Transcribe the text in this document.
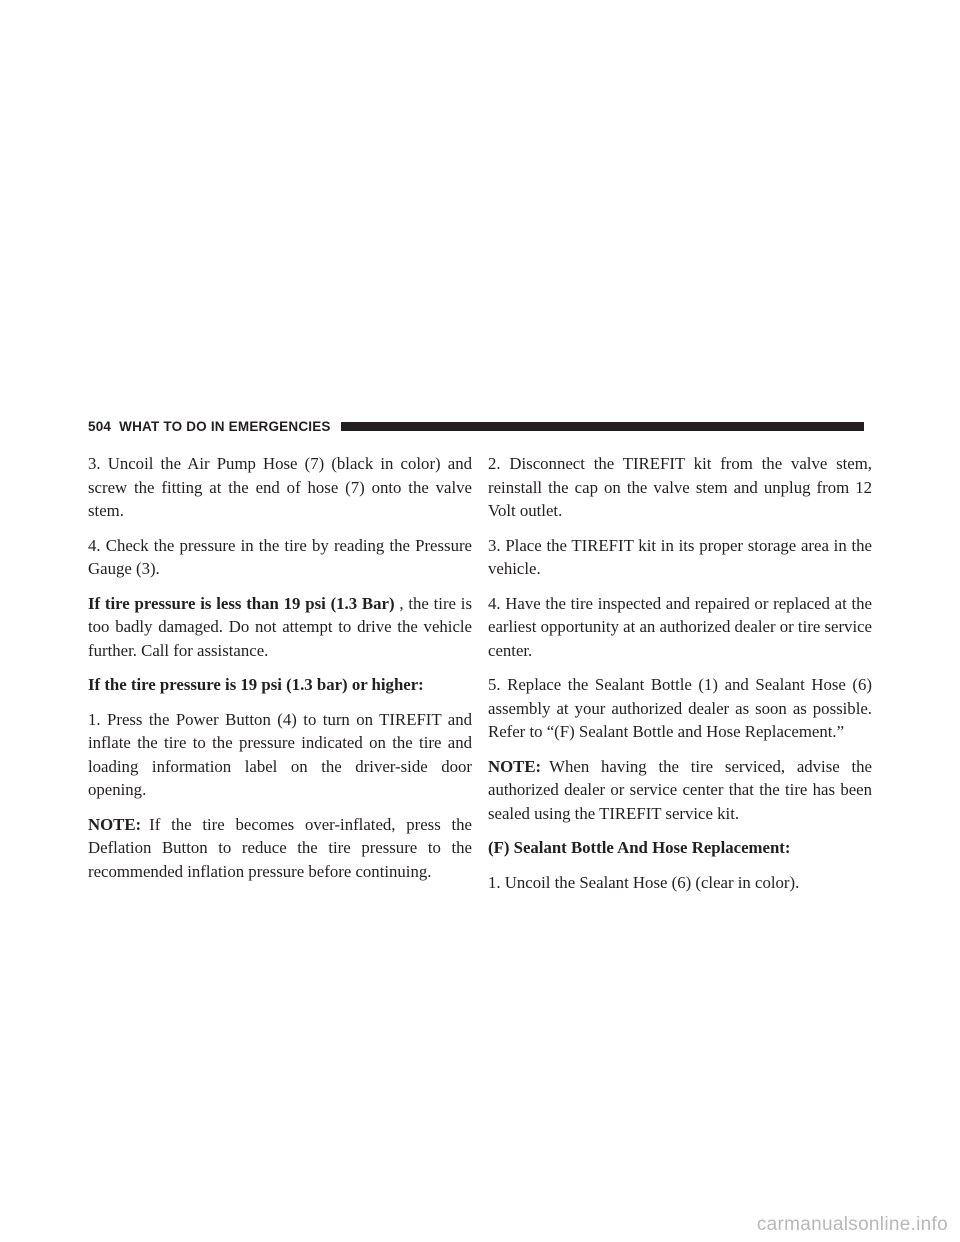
504 WHAT TO DO IN EMERGENCIES

3. Uncoil the Air Pump Hose (7) (black in color) and screw the fitting at the end of hose (7) onto the valve stem.

4. Check the pressure in the tire by reading the Pressure Gauge (3).

If tire pressure is less than 19 psi (1.3 Bar) , the tire is too badly damaged. Do not attempt to drive the vehicle further. Call for assistance.

If the tire pressure is 19 psi (1.3 bar) or higher:

1. Press the Power Button (4) to turn on TIREFIT and inflate the tire to the pressure indicated on the tire and loading information label on the driver-side door opening.

NOTE: If the tire becomes over-inflated, press the Deflation Button to reduce the tire pressure to the recommended inflation pressure before continuing.

2. Disconnect the TIREFIT kit from the valve stem, reinstall the cap on the valve stem and unplug from 12 Volt outlet.

3. Place the TIREFIT kit in its proper storage area in the vehicle.

4. Have the tire inspected and repaired or replaced at the earliest opportunity at an authorized dealer or tire service center.

5. Replace the Sealant Bottle (1) and Sealant Hose (6) assembly at your authorized dealer as soon as possible. Refer to “(F) Sealant Bottle and Hose Replacement.”

NOTE: When having the tire serviced, advise the authorized dealer or service center that the tire has been sealed using the TIREFIT service kit.

(F) Sealant Bottle And Hose Replacement:

1. Uncoil the Sealant Hose (6) (clear in color).

carmanualsonline.info
